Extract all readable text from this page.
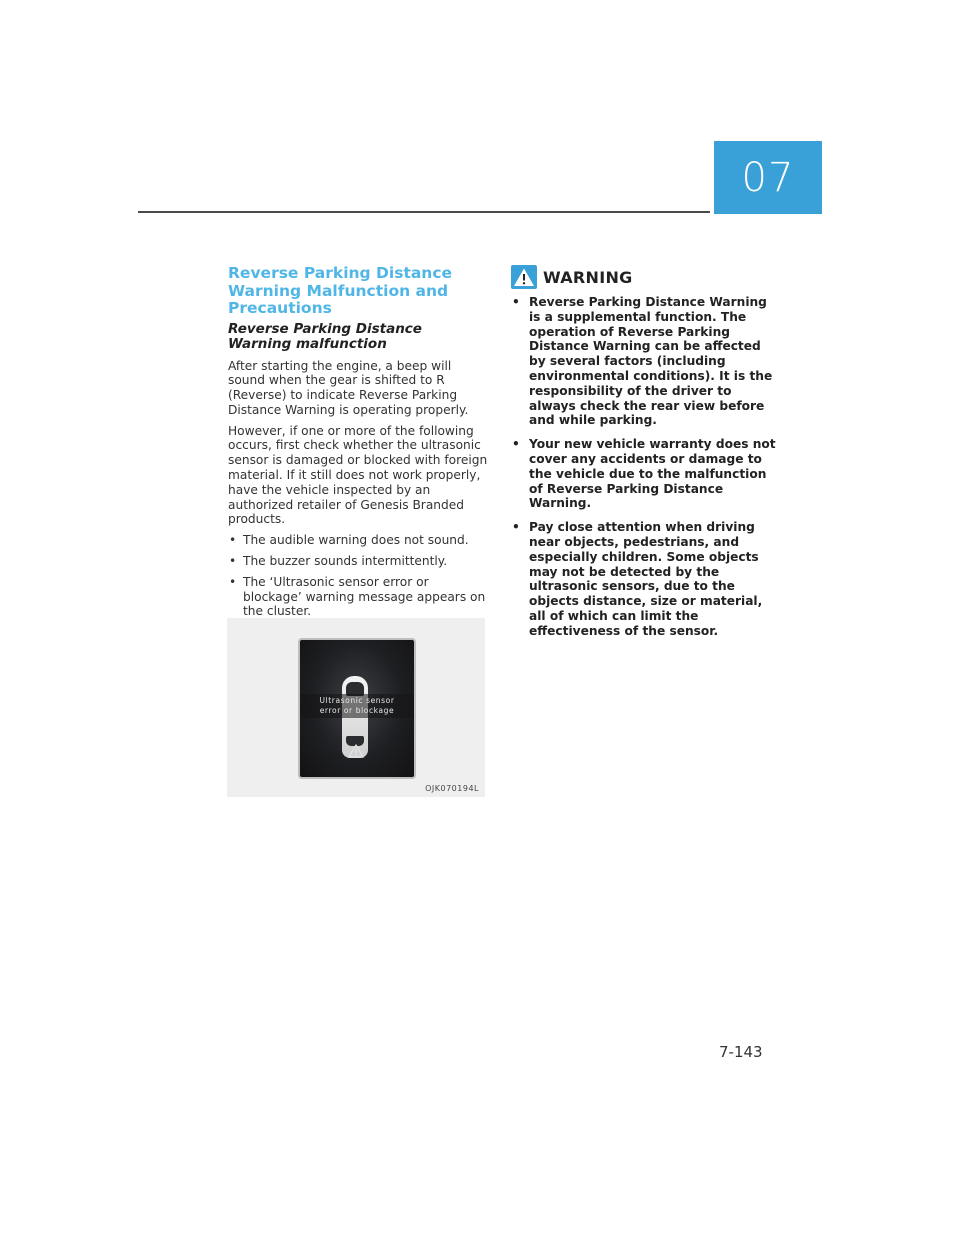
07
Reverse Parking Distance Warning Malfunction and Precautions
Reverse Parking Distance Warning malfunction

After starting the engine, a beep will sound when the gear is shifted to R (Reverse) to indicate Reverse Parking Distance Warning is operating properly.

However, if one or more of the following occurs, first check whether the ultrasonic sensor is damaged or blocked with foreign material. If it still does not work properly, have the vehicle inspected by an authorized retailer of Genesis Branded products.

• The audible warning does not sound.
• The buzzer sounds intermittently.
• The ‘Ultrasonic sensor error or blockage’ warning message appears on the cluster.
Ultrasonic sensor
error or blockage
OJK070194L
WARNING
• Reverse Parking Distance Warning is a supplemental function. The operation of Reverse Parking Distance Warning can be affected by several factors (including environmental conditions). It is the responsibility of the driver to always check the rear view before and while parking.
• Your new vehicle warranty does not cover any accidents or damage to the vehicle due to the malfunction of Reverse Parking Distance Warning.
• Pay close attention when driving near objects, pedestrians, and especially children. Some objects may not be detected by the ultrasonic sensors, due to the objects distance, size or material, all of which can limit the effectiveness of the sensor.
7-143
